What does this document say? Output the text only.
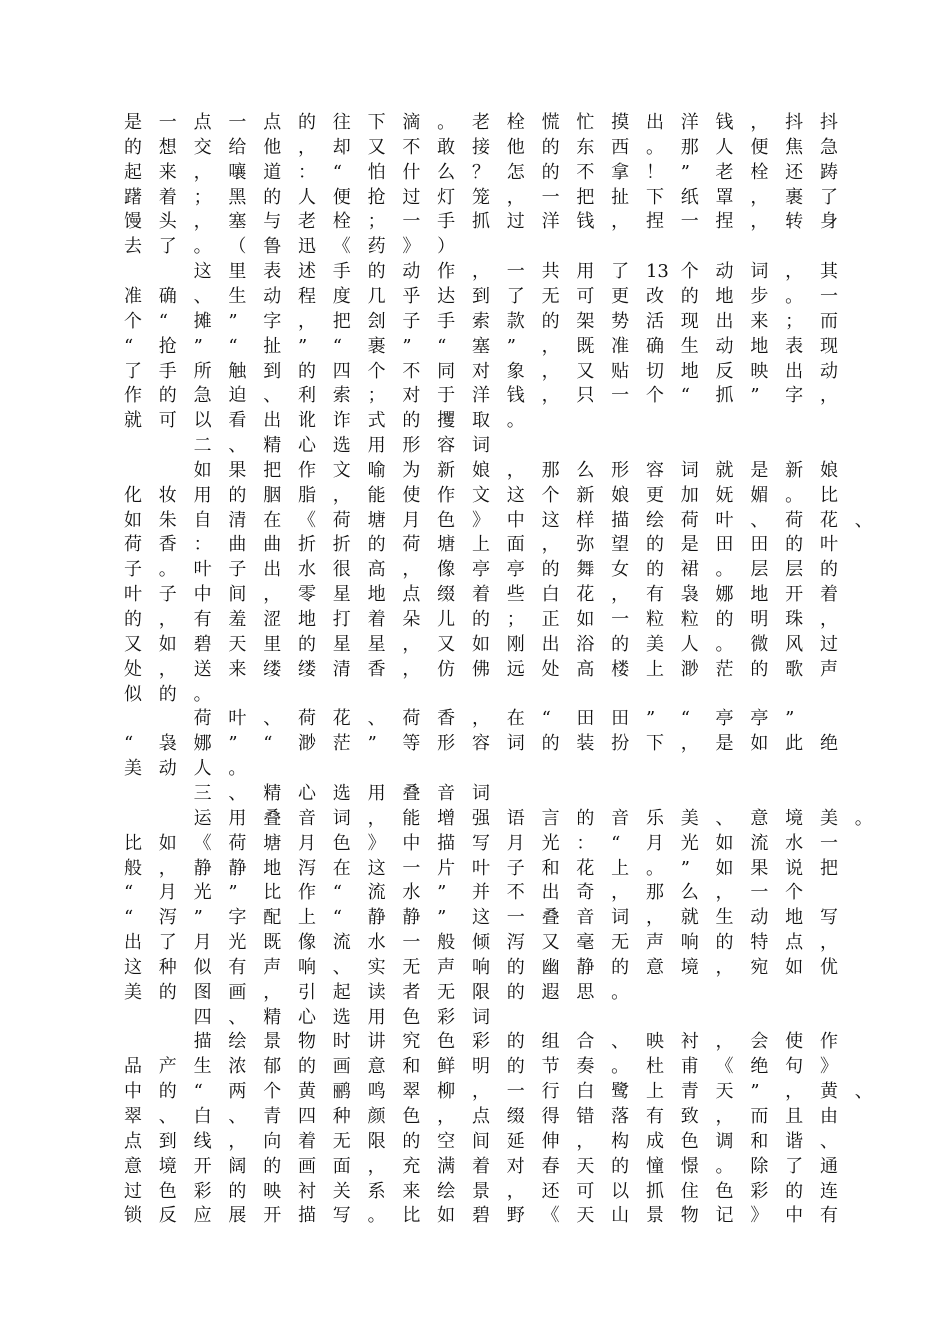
是 一 点 一 点 的 往 下 滴 。 老 栓 慌 忙 摸 出 洋 钱 ， 抖 抖
的 想 交 给 他 ， 却 又 不 敢 接 他 的 东 西 。 那 人 便 焦 急
起 来 ， 嚷 道 ： “ 怕 什 么 ？ 怎 的 不 拿 ！ ” 老 栓 还 踌
躇 着 ； 黑 的 人 便 抢 过 灯 笼 ， 一 把 扯 下 纸 罩 ， 裹 了
馒 头 ， 塞 与 老 栓 ； 一 手 抓 过 洋 钱 ， 捏 一 捏 ， 转 身
去 了 。 （ 鲁 迅 《 药 》 ）
这 里 表 述 手 的 动 作 ， 一 共 用 了 13 个 动 词 ， 其
准 确 、 生 动 程 度 几 乎 达 到 了 无 可 更 改 的 地 步 。 一
个 “ 摊 ” 字 ， 把 刽 子 手 索 款 的 架 势 活 现 出 来 ； 而
“ 抢 ” “ 扯 ” “ 裹 ” “ 塞 ” ， 既 准 确 生 动 地 表 现
了 手 所 触 到 的 四 个 不 同 对 象 ， 又 贴 切 地 反 映 出 动
作 的 急 迫 、 利 索 ； 对 于 洋 钱 ， 只 一 个 “ 抓 ” 字 ，
就 可 以 看 出 讹 诈 式 的 攫 取 。
二 、 精 心 选 用 形 容 词
如 果 把 作 文 喻 为 新 娘 ， 那 么 形 容 词 就 是 新 娘
化 妆 用 的 胭 脂 ， 能 使 作 文 这 个 新 娘 更 加 妩 媚 。 比
如 朱 自 清 在 《 荷 塘 月 色 》 中 这 样 描 绘 荷 叶 、 荷 花 、
荷 香 ： 曲 曲 折 折 的 荷 塘 上 面 ， 弥 望 的 是 田 田 的 叶
子 。 叶 子 出 水 很 高 ， 像 亭 亭 的 舞 女 的 裙 。 层 层 的
叶 子 中 间 ， 零 星 地 点 缀 着 些 白 花 ， 有 袅 娜 地 开 着
的 ， 有 羞 涩 地 打 着 朵 儿 的 ； 正 如 一 粒 粒 的 明 珠 ，
又 如 碧 天 里 的 星 星 ， 又 如 刚 出 浴 的 美 人 。 微 风 过
处 ， 送 来 缕 缕 清 香 ， 仿 佛 远 处 高 楼 上 渺 茫 的 歌 声
似 的 。
荷 叶 、 荷 花 、 荷 香 ， 在 “ 田 田 ” “ 亭 亭 ”
“ 袅 娜 ” “ 渺 茫 ” 等 形 容 词 的 装 扮 下 ， 是 如 此 绝
美 动 人 。
三 、 精 心 选 用 叠 音 词
运 用 叠 音 词 ， 能 增 强 语 言 的 音 乐 美 、 意 境 美 。
比 如 《 荷 塘 月 色 》 中 描 写 月 光 ： “ 月 光 如 流 水 一
般 ， 静 静 地 泻 在 这 一 片 叶 子 和 花 上 。 ” 如 果 说 把
“ 月 光 ” 比 作 “ 流 水 ” 并 不 出 奇 ， 那 么 ， 一 个
“ 泻 ” 字 配 上 “ 静 静 ” 这 一 叠 音 词 ， 就 生 动 地 写
出 了 月 光 既 像 流 水 一 般 倾 泻 又 毫 无 声 响 的 特 点 ，
这 种 似 有 声 响 、 实 无 声 响 的 幽 静 的 意 境 ， 宛 如 优
美 的 图 画 ， 引 起 读 者 无 限 的 遐 思 。
四 、 精 心 选 用 色 彩 词
描 绘 景 物 时 讲 究 色 彩 的 组 合 、 映 衬 ， 会 使 作
品 产 生 浓 郁 的 画 意 和 鲜 明 的 节 奏 。 杜 甫 《 绝 句 》
中 的 “ 两 个 黄 鹂 鸣 翠 柳 ， 一 行 白 鹭 上 青 天 ” ， 黄 、
翠 、 白 、 青 四 种 颜 色 ， 点 缀 得 错 落 有 致 ， 而 且 由
点 到 线 ， 向 着 无 限 的 空 间 延 伸 ， 构 成 色 调 和 谐 、
意 境 开 阔 的 画 面 ， 充 满 着 对 春 天 的 憧 憬 。 除 了 通
过 色 彩 的 映 衬 关 系 来 绘 景 ， 还 可 以 抓 住 色 彩 的 连
锁 反 应 展 开 描 写 。 比 如 碧 野 《 天 山 景 物 记 》 中 有
